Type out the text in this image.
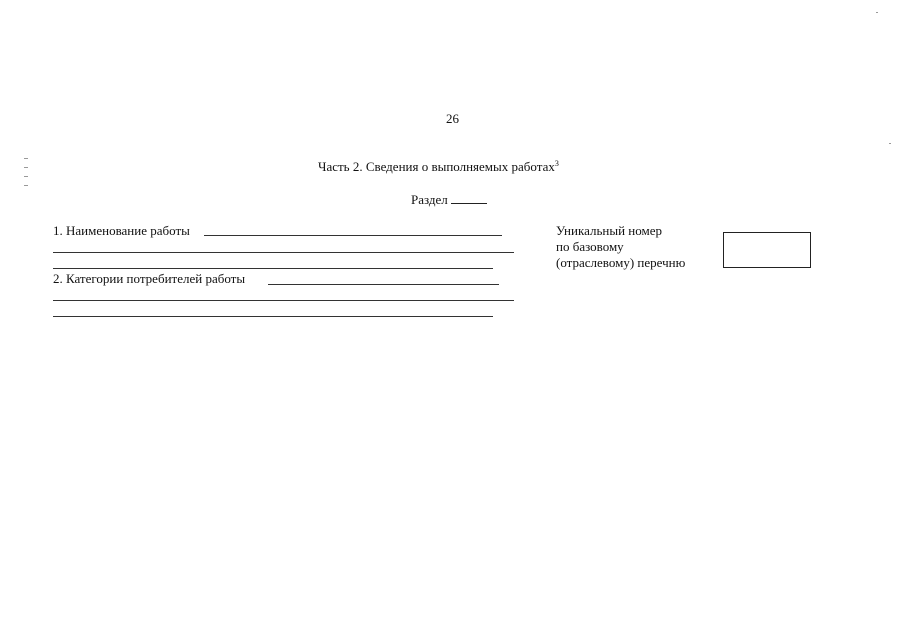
26
Часть 2. Сведения о выполняемых работах$^3$
Раздел
1. Наименование работы
2. Категории потребителей работы
Уникальный номер
по базовому
(отраслевому) перечню
